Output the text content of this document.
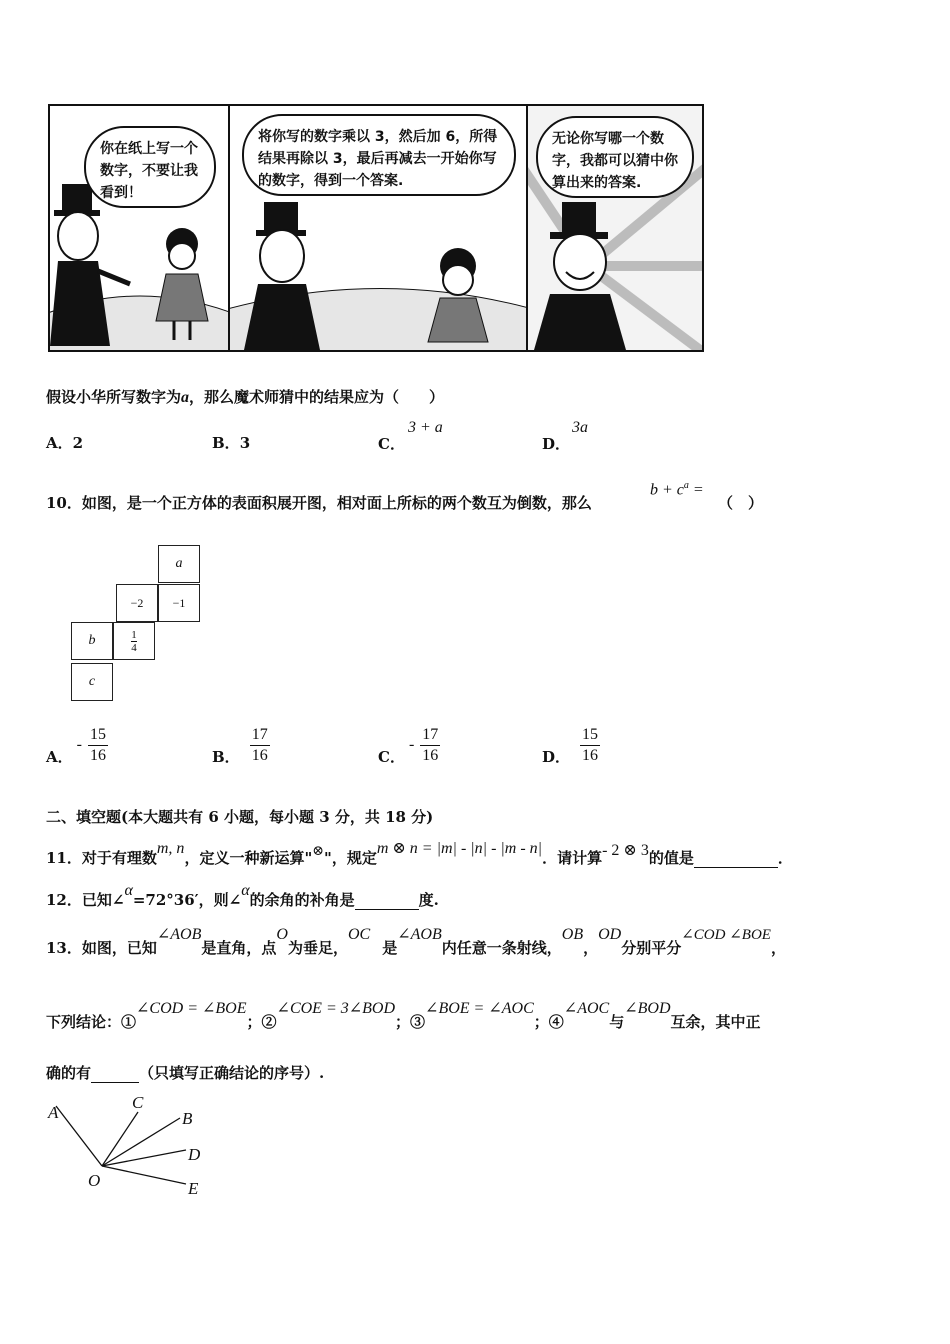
你在纸上写一个数字，不要让我看到！
将你写的数字乘以 3，然后加 6，所得结果再除以 3，最后再减去一开始你写的数字，得到一个答案.
无论你写哪一个数字，我都可以猜中你算出来的答案.
假设小华所写数字为a，那么魔术师猜中的结果应为（　　）
A．2	B．3	C．
3 + a
D．
3a
10．如图，是一个正方体的表面积展开图，相对面上所标的两个数互为倒数，那么
$b + c^a$ =
（　）
a
−2 −1
b	1
4
c
A．
- $\frac{15}{16}$	B． $\frac{17}{16}$	C．
- $\frac{17}{16}$	D． $\frac{15}{16}$
二、填空题(本大题共有 6 小题，每小题 3 分，共 18 分)
11．对于有理数
m, n
，定义一种新运算" ⊗ "，规定
m ⊗ n = |m| - |n| - |m - n|
．请计算 - 2 ⊗ 3 的值是	．
12．已知∠
α
=72°36′，则∠
α
的余角的补角是	度.
13．如图，已知
∠AOB
是直角，点
O
为垂足，
OC
是
∠AOB
内任意一条射线，
OB
，
OD
分别平分
∠COD ∠BOE
，
下列结论：①
∠COD = ∠BOE
；②
∠COE = 3∠BOD
；③
∠BOE = ∠AOC
；④
∠AOC
与
∠BOD
互余，其中正
确的有	（只填写正确结论的序号）.
A
C
B
D
E
O
